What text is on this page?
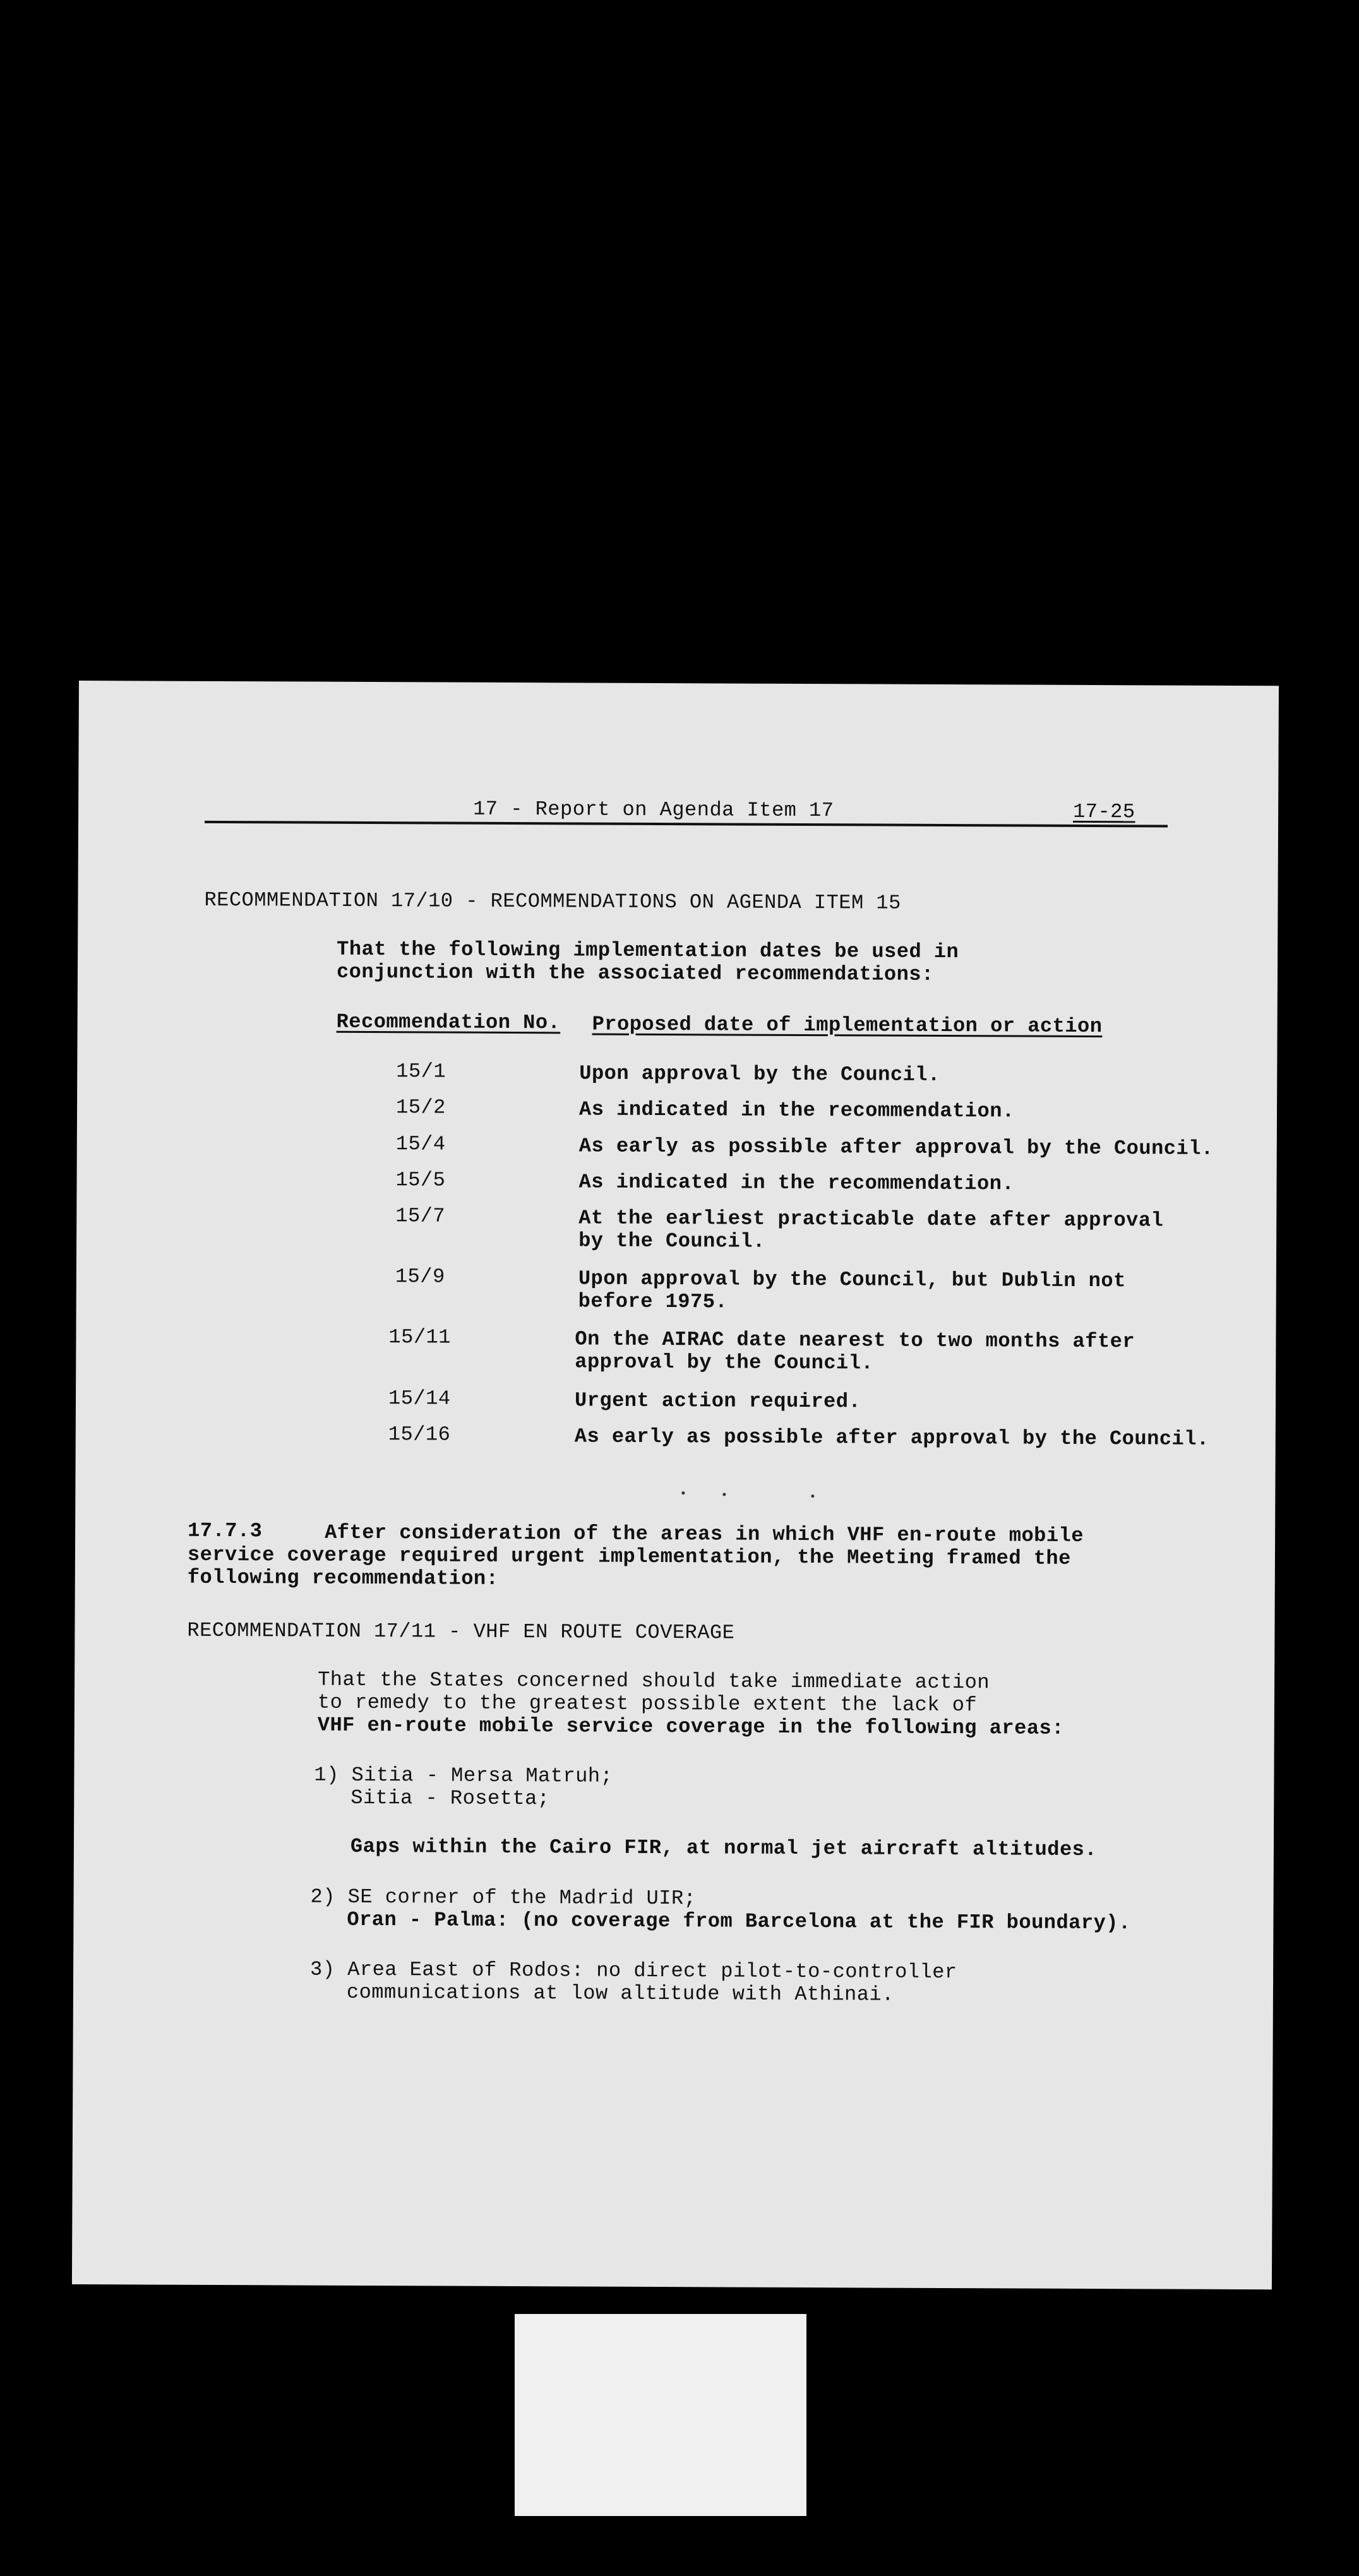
17 - Report on Agenda Item 17	17-25
RECOMMENDATION 17/10 - RECOMMENDATIONS ON AGENDA ITEM 15
That the following implementation dates be used in
conjunction with the associated recommendations:
Recommendation No. Proposed date of implementation or action
15/1	Upon approval by the Council.
15/2	As indicated in the recommendation.
15/4	As early as possible after approval by the Council.
15/5	As indicated in the recommendation.
15/7	At the earliest practicable date after approval
by the Council.
15/9	Upon approval by the Council, but Dublin not
before 1975.
15/11	On the AIRAC date nearest to two months after
approval by the Council.
15/14	Urgent action required.
15/16	As early as possible after approval by the Council.
17.7.3	After consideration of the areas in which VHF en-route mobile
service coverage required urgent implementation, the Meeting framed the
following recommendation:
RECOMMENDATION 17/11 - VHF EN ROUTE COVERAGE
That the States concerned should take immediate action
to remedy to the greatest possible extent the lack of
VHF en-route mobile service coverage in the following areas:
1) Sitia - Mersa Matruh;
Sitia - Rosetta;
Gaps within the Cairo FIR, at normal jet aircraft altitudes.
2) SE corner of the Madrid UIR;
Oran - Palma: (no coverage from Barcelona at the FIR boundary).
3) Area East of Rodos: no direct pilot-to-controller
communications at low altitude with Athinai.
